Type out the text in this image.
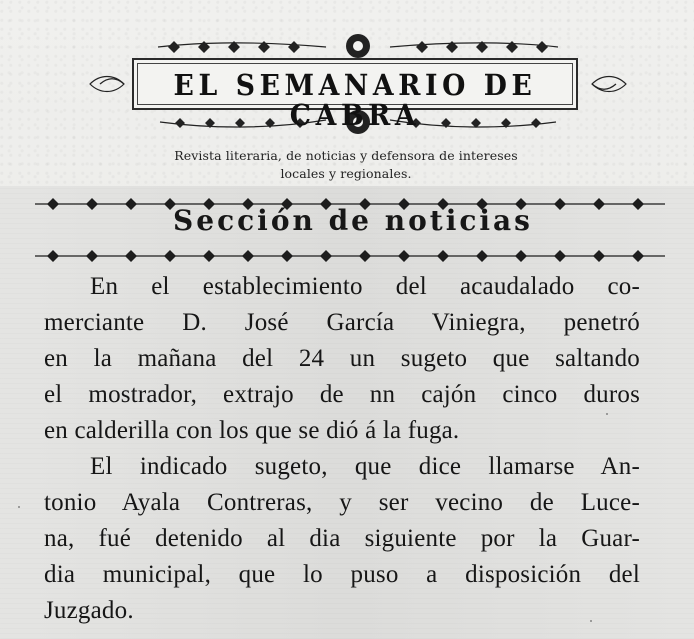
EL SEMANARIO DE CABRA
Revista literaria, de noticias y defensora de intereses
locales y regionales.
Sección de noticias
En el establecimiento del acaudalado co-
merciante D. José García Viniegra, penetró
en la mañana del 24 un sugeto que saltando
el mostrador, extrajo de nn cajón cinco duros
en calderilla con los que se dió á la fuga.
El indicado sugeto, que dice llamarse An-
tonio Ayala Contreras, y ser vecino de Luce-
na, fué detenido al dia siguiente por la Guar-
dia municipal, que lo puso a disposición del
Juzgado.
